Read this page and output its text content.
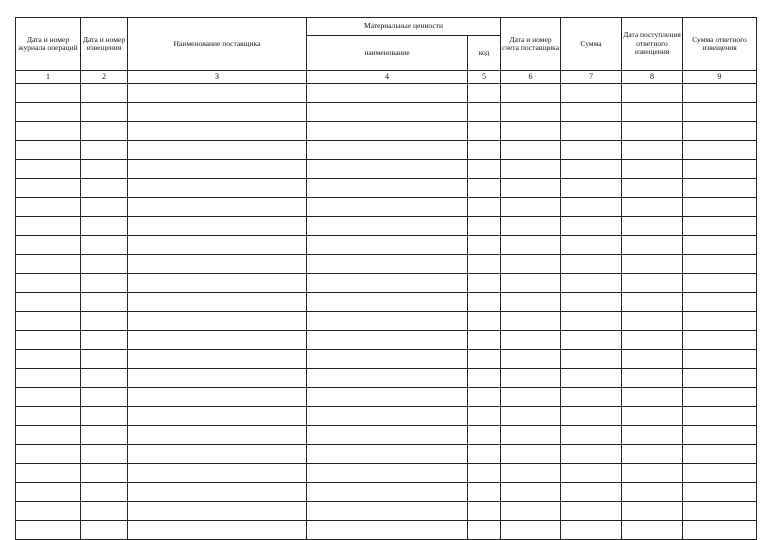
Дата и номер журнала операций	Дата и номер извещения	Наименование поставщика	Материальные ценности		Дата и номер счета поставщика	Сумма	Дата поступления ответного извещения	Сумма ответного извещения
			наименование	код				
1	2	3	4	5	6	7	8	9
